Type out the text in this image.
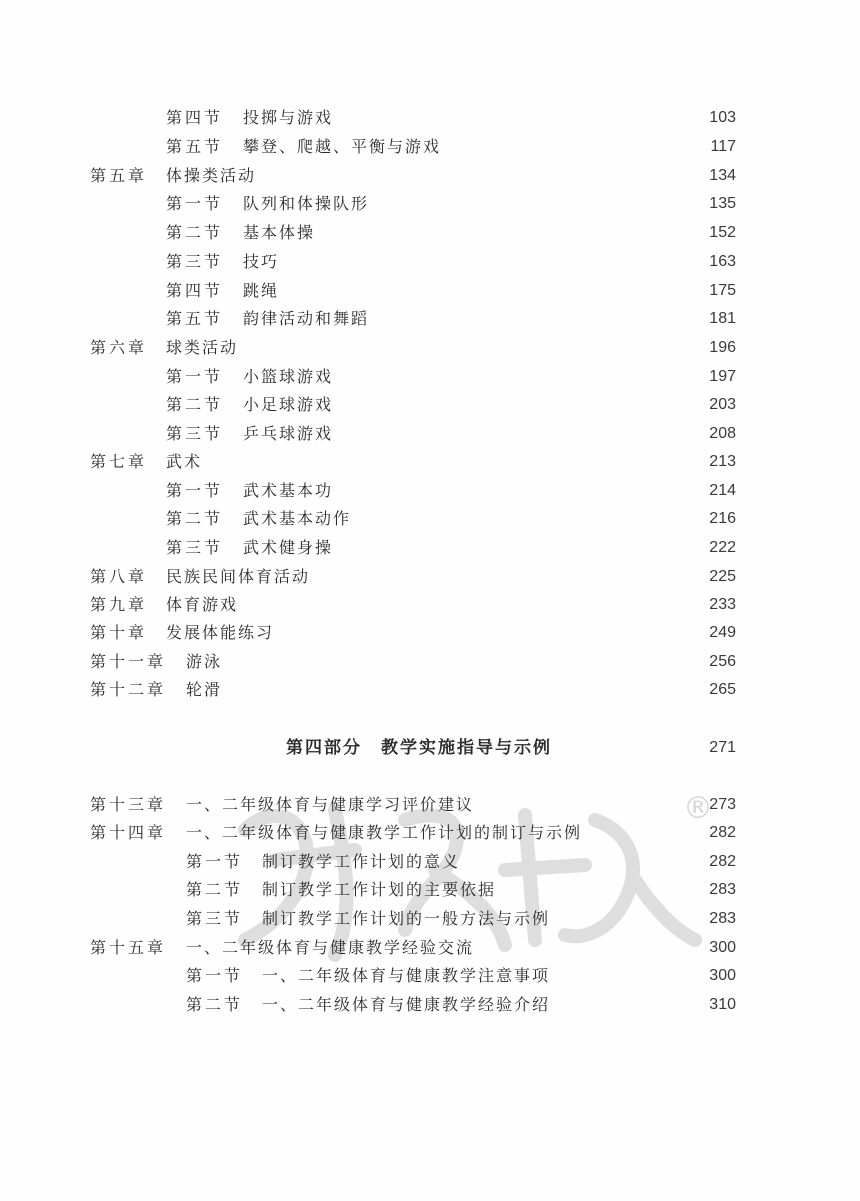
第四节 投掷与游戏	103
第五节 攀登、爬越、平衡与游戏	117
第五章 体操类活动	134
第一节 队列和体操队形	135
第二节 基本体操	152
第三节 技巧	163
第四节 跳绳	175
第五节 韵律活动和舞蹈	181
第六章 球类活动	196
第一节 小篮球游戏	197
第二节 小足球游戏	203
第三节 乒乓球游戏	208
第七章 武术	213
第一节 武术基本功	214
第二节 武术基本动作	216
第三节 武术健身操	222
第八章 民族民间体育活动	225
第九章 体育游戏	233
第十章 发展体能练习	249
第十一章 游泳	256
第十二章 轮滑	265
第四部分　教学实施指导与示例	271
®
第十三章 一、二年级体育与健康学习评价建议	273
第十四章 一、二年级体育与健康教学工作计划的制订与示例	282
第一节 制订教学工作计划的意义	282
第二节 制订教学工作计划的主要依据	283
第三节 制订教学工作计划的一般方法与示例	283
第十五章 一、二年级体育与健康教学经验交流	300
第一节 一、二年级体育与健康教学注意事项	300
第二节 一、二年级体育与健康教学经验介绍	310
